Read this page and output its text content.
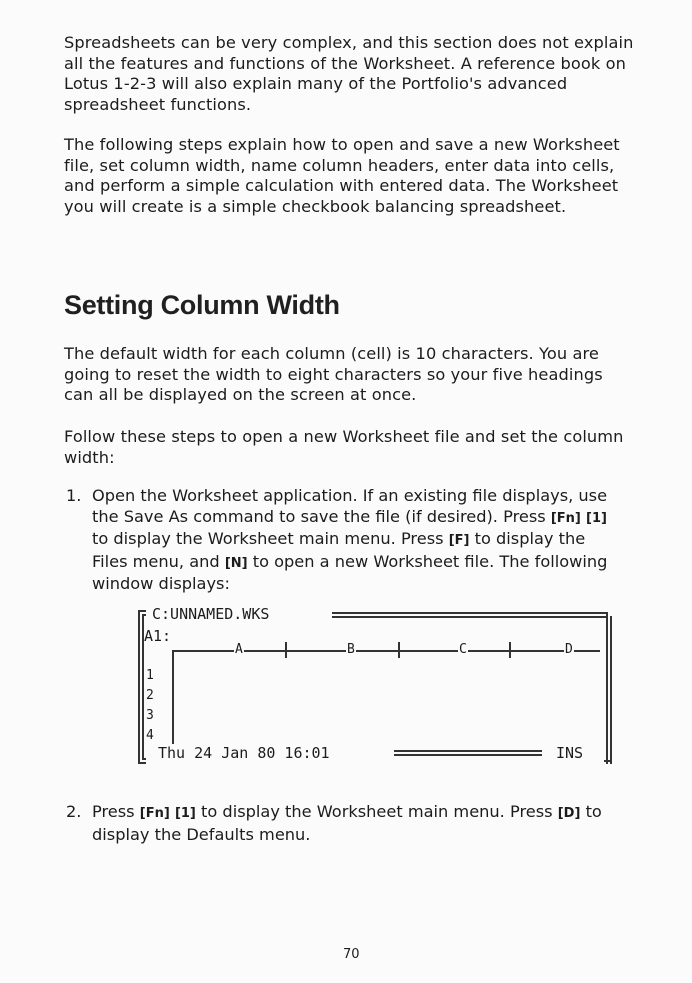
Spreadsheets can be very complex, and this section does not explain all the features and functions of the Worksheet. A reference book on Lotus 1-2-3 will also explain many of the Portfolio's advanced spreadsheet functions.

The following steps explain how to open and save a new Worksheet file, set column width, name column headers, enter data into cells, and perform a simple calculation with entered data. The Worksheet you will create is a simple checkbook balancing spreadsheet.

Setting Column Width

The default width for each column (cell) is 10 characters. You are going to reset the width to eight characters so your five headings can all be displayed on the screen at once.

Follow these steps to open a new Worksheet file and set the column width:

1. Open the Worksheet application. If an existing file displays, use the Save As command to save the file (if desired). Press [Fn] [1] to display the Worksheet main menu. Press [F] to display the Files menu, and [N] to open a new Worksheet file. The following window displays:
2. Press [Fn] [1] to display the Worksheet main menu. Press [D] to display the Defaults menu.
C:UNNAMED.WKS
A1:
A	B	C	D
1
2
3
4
Thu 24 Jan 80 16:01	INS
70
